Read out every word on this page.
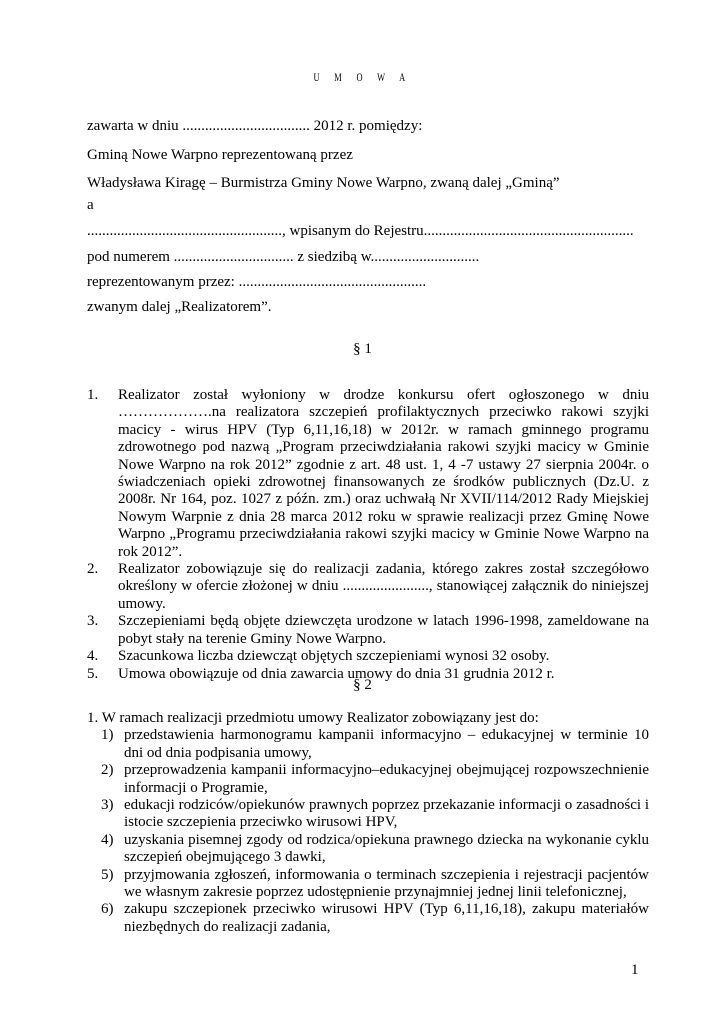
U M O W A
zawarta w dniu .................................. 2012 r. pomiędzy:
Gminą Nowe Warpno reprezentowaną przez
Władysława Kiragę – Burmistrza Gminy Nowe Warpno, zwaną dalej „Gminą”
a
...................................................., wpisanym do Rejestru........................................................
pod numerem ................................ z siedzibą w.............................
reprezentowanym przez: ..................................................
zwanym dalej „Realizatorem”.
§ 1
1. Realizator został wyłoniony w drodze konkursu ofert ogłoszonego w dniu ……………….na realizatora szczepień profilaktycznych przeciwko rakowi szyjki macicy - wirus HPV (Typ 6,11,16,18) w 2012r. w ramach gminnego programu zdrowotnego pod nazwą „Program przeciwdziałania rakowi szyjki macicy w Gminie Nowe Warpno na rok 2012” zgodnie z art. 48 ust. 1, 4 -7 ustawy 27 sierpnia 2004r. o świadczeniach opieki zdrowotnej finansowanych ze środków publicznych (Dz.U. z 2008r. Nr 164, poz. 1027 z późn. zm.) oraz uchwałą Nr XVII/114/2012 Rady Miejskiej Nowym Warpnie z dnia 28 marca 2012 roku w sprawie realizacji przez Gminę Nowe Warpno „Programu przeciwdziałania rakowi szyjki macicy w Gminie Nowe Warpno na rok 2012”.
2. Realizator zobowiązuje się do realizacji zadania, którego zakres został szczegółowo określony w ofercie złożonej w dniu ......................., stanowiącej załącznik do niniejszej umowy.
3. Szczepieniami będą objęte dziewczęta urodzone w latach 1996-1998, zameldowane na pobyt stały na terenie Gminy Nowe Warpno.
4. Szacunkowa liczba dziewcząt objętych szczepieniami wynosi 32 osoby.
5. Umowa obowiązuje od dnia zawarcia umowy do dnia 31 grudnia 2012 r.
§ 2
1. W ramach realizacji przedmiotu umowy Realizator zobowiązany jest do:
1) przedstawienia harmonogramu kampanii informacyjno – edukacyjnej w terminie 10 dni od dnia podpisania umowy,
2) przeprowadzenia kampanii informacyjno–edukacyjnej obejmującej rozpowszechnienie informacji o Programie,
3) edukacji rodziców/opiekunów prawnych poprzez przekazanie informacji o zasadności i istocie szczepienia przeciwko wirusowi HPV,
4) uzyskania pisemnej zgody od rodzica/opiekuna prawnego dziecka na wykonanie cyklu szczepień obejmującego 3 dawki,
5) przyjmowania zgłoszeń, informowania o terminach szczepienia i rejestracji pacjentów we własnym zakresie poprzez udostępnienie przynajmniej jednej linii telefonicznej,
6) zakupu szczepionek przeciwko wirusowi HPV (Typ 6,11,16,18), zakupu materiałów niezbędnych do realizacji zadania,
1
